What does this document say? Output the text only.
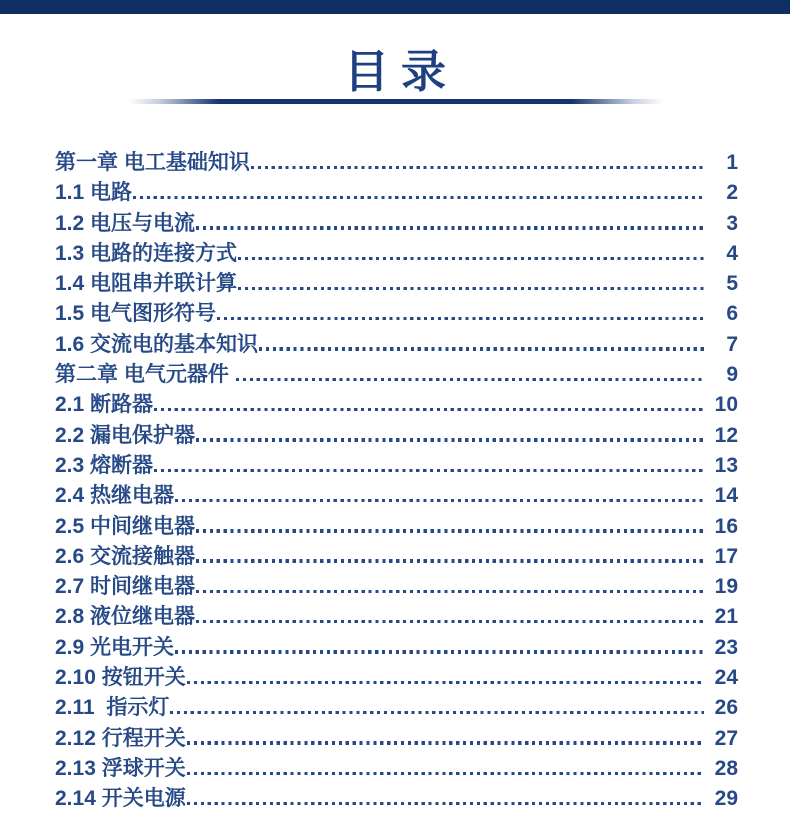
目录
第一章 电工基础知识	1
1.1 电路	2
1.2 电压与电流	3
1.3 电路的连接方式	4
1.4 电阻串并联计算	5
1.5 电气图形符号	6
1.6 交流电的基本知识	7
第二章 电气元器件	9
2.1 断路器	10
2.2 漏电保护器	12
2.3 熔断器	13
2.4 热继电器	14
2.5 中间继电器	16
2.6 交流接触器	17
2.7 时间继电器	19
2.8 液位继电器	21
2.9 光电开关	23
2.10 按钮开关	24
2.11  指示灯	26
2.12 行程开关	27
2.13 浮球开关	28
2.14 开关电源	29
